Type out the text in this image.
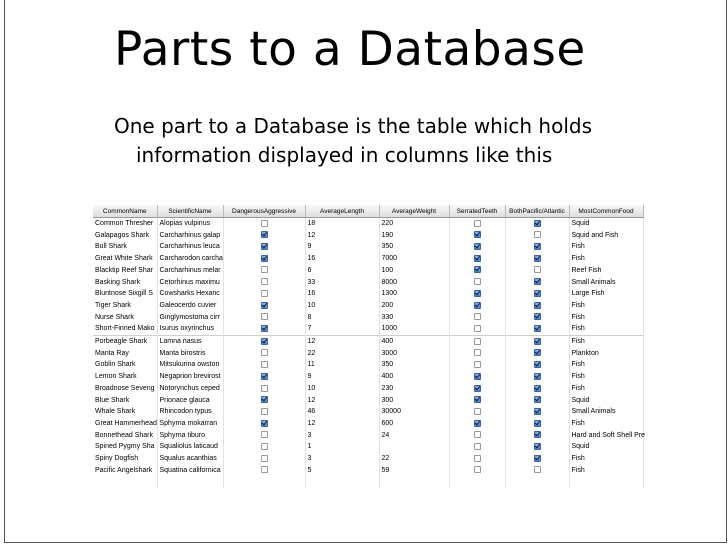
Parts to a Database
One part to a Database is the table which holds
information displayed in columns like this
CommonName	ScientificName	DangerousAggressive	AverageLength	AverageWeight	SerratedTeeth	BothPacific/Atlantic	MostCommonFood
Common Thresher	Alopias vulpinus		18	220			Squid
Galapagos Shark	Carcharhinus galap		12	190			Squid and Fish
Bull Shark	Carcharhinus leuca		9	350			Fish
Great White Shark	Carcharodon carcha		16	7000			Fish
Blacktip Reef Shar	Carcharhinus melar		6	100			Reef Fish
Basking Shark	Cetorhinus maximu		33	8000			Small Animals
Bluntnose Sixgill S	Cowsharks Hexanc		16	1300			Large Fish
Tiger Shark	Galeocerdo cuvier		10	200			Fish
Nurse Shark	Ginglymostoma cirr		8	330			Fish
Short-Finned Mako	Isurus oxyrinchus		7	1000			Fish
Porbeagle Shark	Lamna nasus		12	400			Fish
Manta Ray	Manta birostris		22	3000			Plankton
Goblin Shark	Mitsukurina owston		11	350			Fish
Lemon Shark	Negaprion brevirost		9	400			Fish
Broadnose Seveng	Notorynchus ceped		10	230			Fish
Blue Shark	Prionace glauca		12	300			Squid
Whale Shark	Rhincodon typus		46	30000			Small Animals
Great Hammerhead	Sphyrna mokarran		12	600			Fish
Bonnethead Shark	Sphyrna tiburo		3	24			Hard and Soft Shell Pre
Spined Pygmy Sha	Squaliolus laticaud		1				Squid
Spiny Dogfish	Squalus acanthias		3	22			Fish
Pacific Angelshark	Squatina californica		5	59			Fish
